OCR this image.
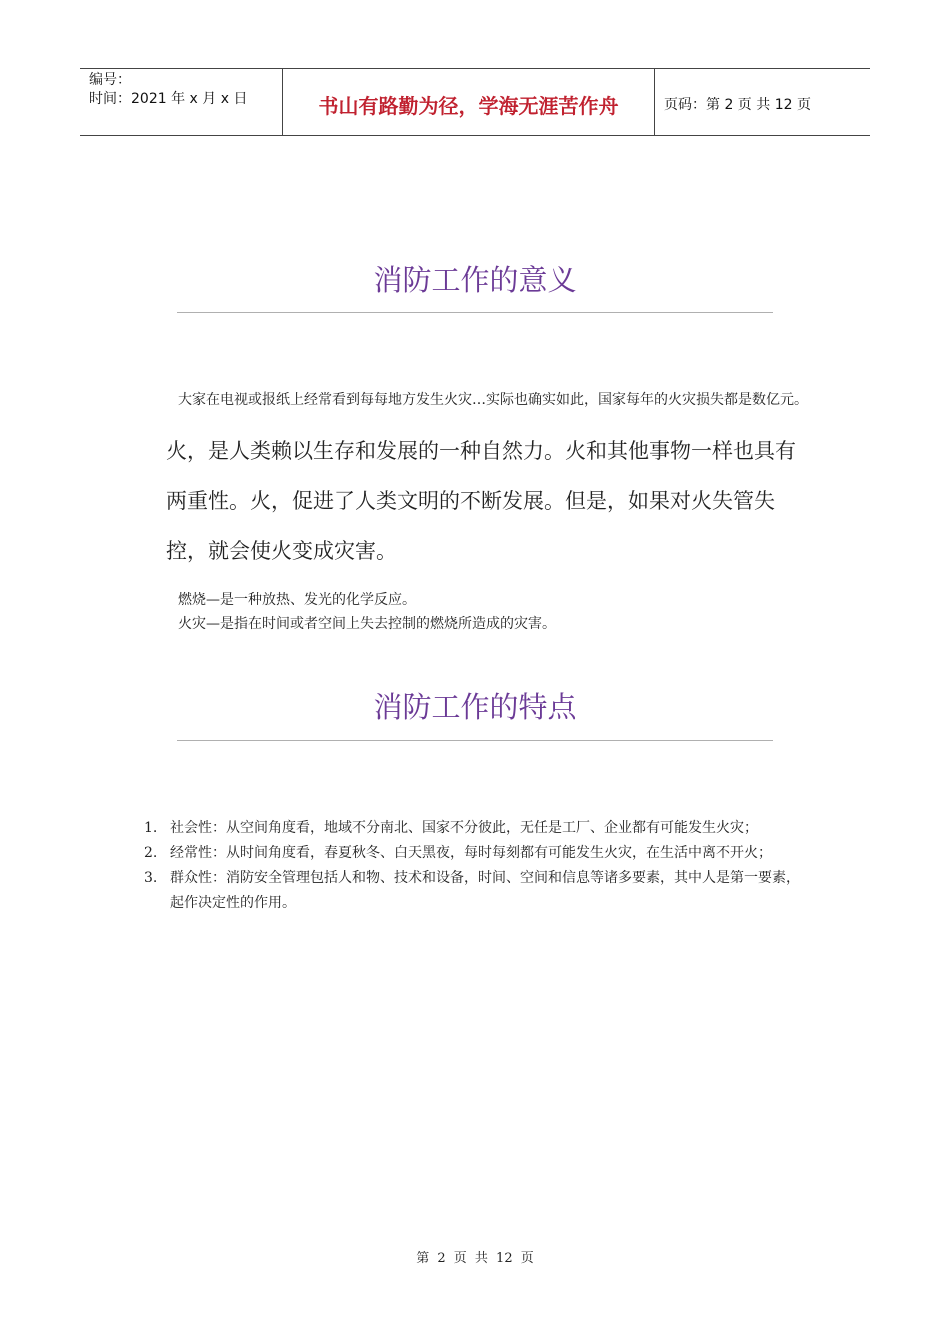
编号：
时间：2021 年 x 月 x 日	书山有路勤为径，学海无涯苦作舟	页码：第 2 页 共 12 页
消防工作的意义
大家在电视或报纸上经常看到每每地方发生火灾…实际也确实如此，国家每年的火灾损失都是数亿元。
火，是人类赖以生存和发展的一种自然力。火和其他事物一样也具有两重性。火，促进了人类文明的不断发展。但是，如果对火失管失控，就会使火变成灾害。
燃烧—是一种放热、发光的化学反应。
火灾—是指在时间或者空间上失去控制的燃烧所造成的灾害。
消防工作的特点
1. 社会性：从空间角度看，地域不分南北、国家不分彼此，无任是工厂、企业都有可能发生火灾；
2. 经常性：从时间角度看，春夏秋冬、白天黑夜，每时每刻都有可能发生火灾，在生活中离不开火；
3. 群众性：消防安全管理包括人和物、技术和设备，时间、空间和信息等诸多要素，其中人是第一要素，起作决定性的作用。
第 2 页 共 12 页
